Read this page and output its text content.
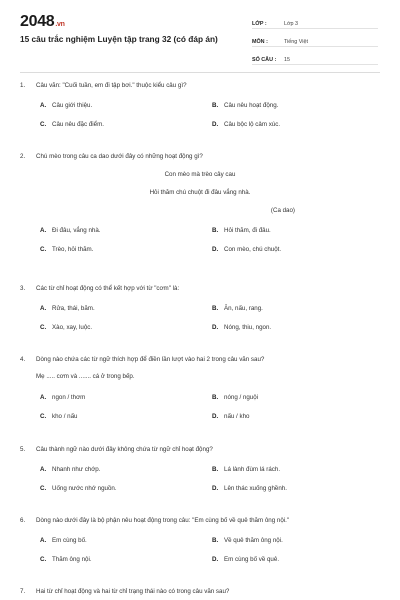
2048.vn
15 câu trắc nghiệm Luyện tập trang 32 (có đáp án)
LỚP :	Lớp 3
MÔN :	Tiếng Việt
SỐ CÂU :	15
1.	Câu văn: "Cuối tuần, em đi tập bơi." thuộc kiểu câu gì?
A. Câu giới thiệu.	B. Câu nêu hoạt động.
C. Câu nêu đặc điểm.	D. Câu bộc lộ cảm xúc.
2.	Chú mèo trong câu ca dao dưới đây có những hoạt động gì?
Con mèo mà trèo cây cau
Hỏi thăm chú chuột đi đâu vắng nhà.
(Ca dao)
A. Đi đâu, vắng nhà.	B. Hỏi thăm, đi đâu.
C. Trèo, hỏi thăm.	D. Con mèo, chú chuột.
3.	Các từ chỉ hoạt động có thể kết hợp với từ "cơm" là:
A. Rửa, thái, băm.	B. Ăn, nấu, rang.
C. Xào, xay, luộc.	D. Nóng, thiu, ngon.
4.	Dòng nào chứa các từ ngữ thích hợp để điền lần lượt vào hai 2 trong câu văn sau?
Mẹ ..... cơm và ....... cá ở trong bếp.
A. ngon / thơm	B. nóng / nguội
C. kho / nấu	D. nấu / kho
5.	Câu thành ngữ nào dưới đây không chứa từ ngữ chỉ hoạt động?
A. Nhanh như chớp.	B. Lá lành đùm lá rách.
C. Uống nước nhớ nguồn.	D. Lên thác xuống ghềnh.
6.	Dòng nào dưới đây là bộ phận nêu hoạt động trong câu: "Em cùng bố về quê thăm ông nội."
A. Em cùng bố.	B. Về quê thăm ông nội.
C. Thăm ông nội.	D. Em cùng bố về quê.
7.	Hai từ chỉ hoạt động và hai từ chỉ trạng thái nào có trong câu văn sau?
